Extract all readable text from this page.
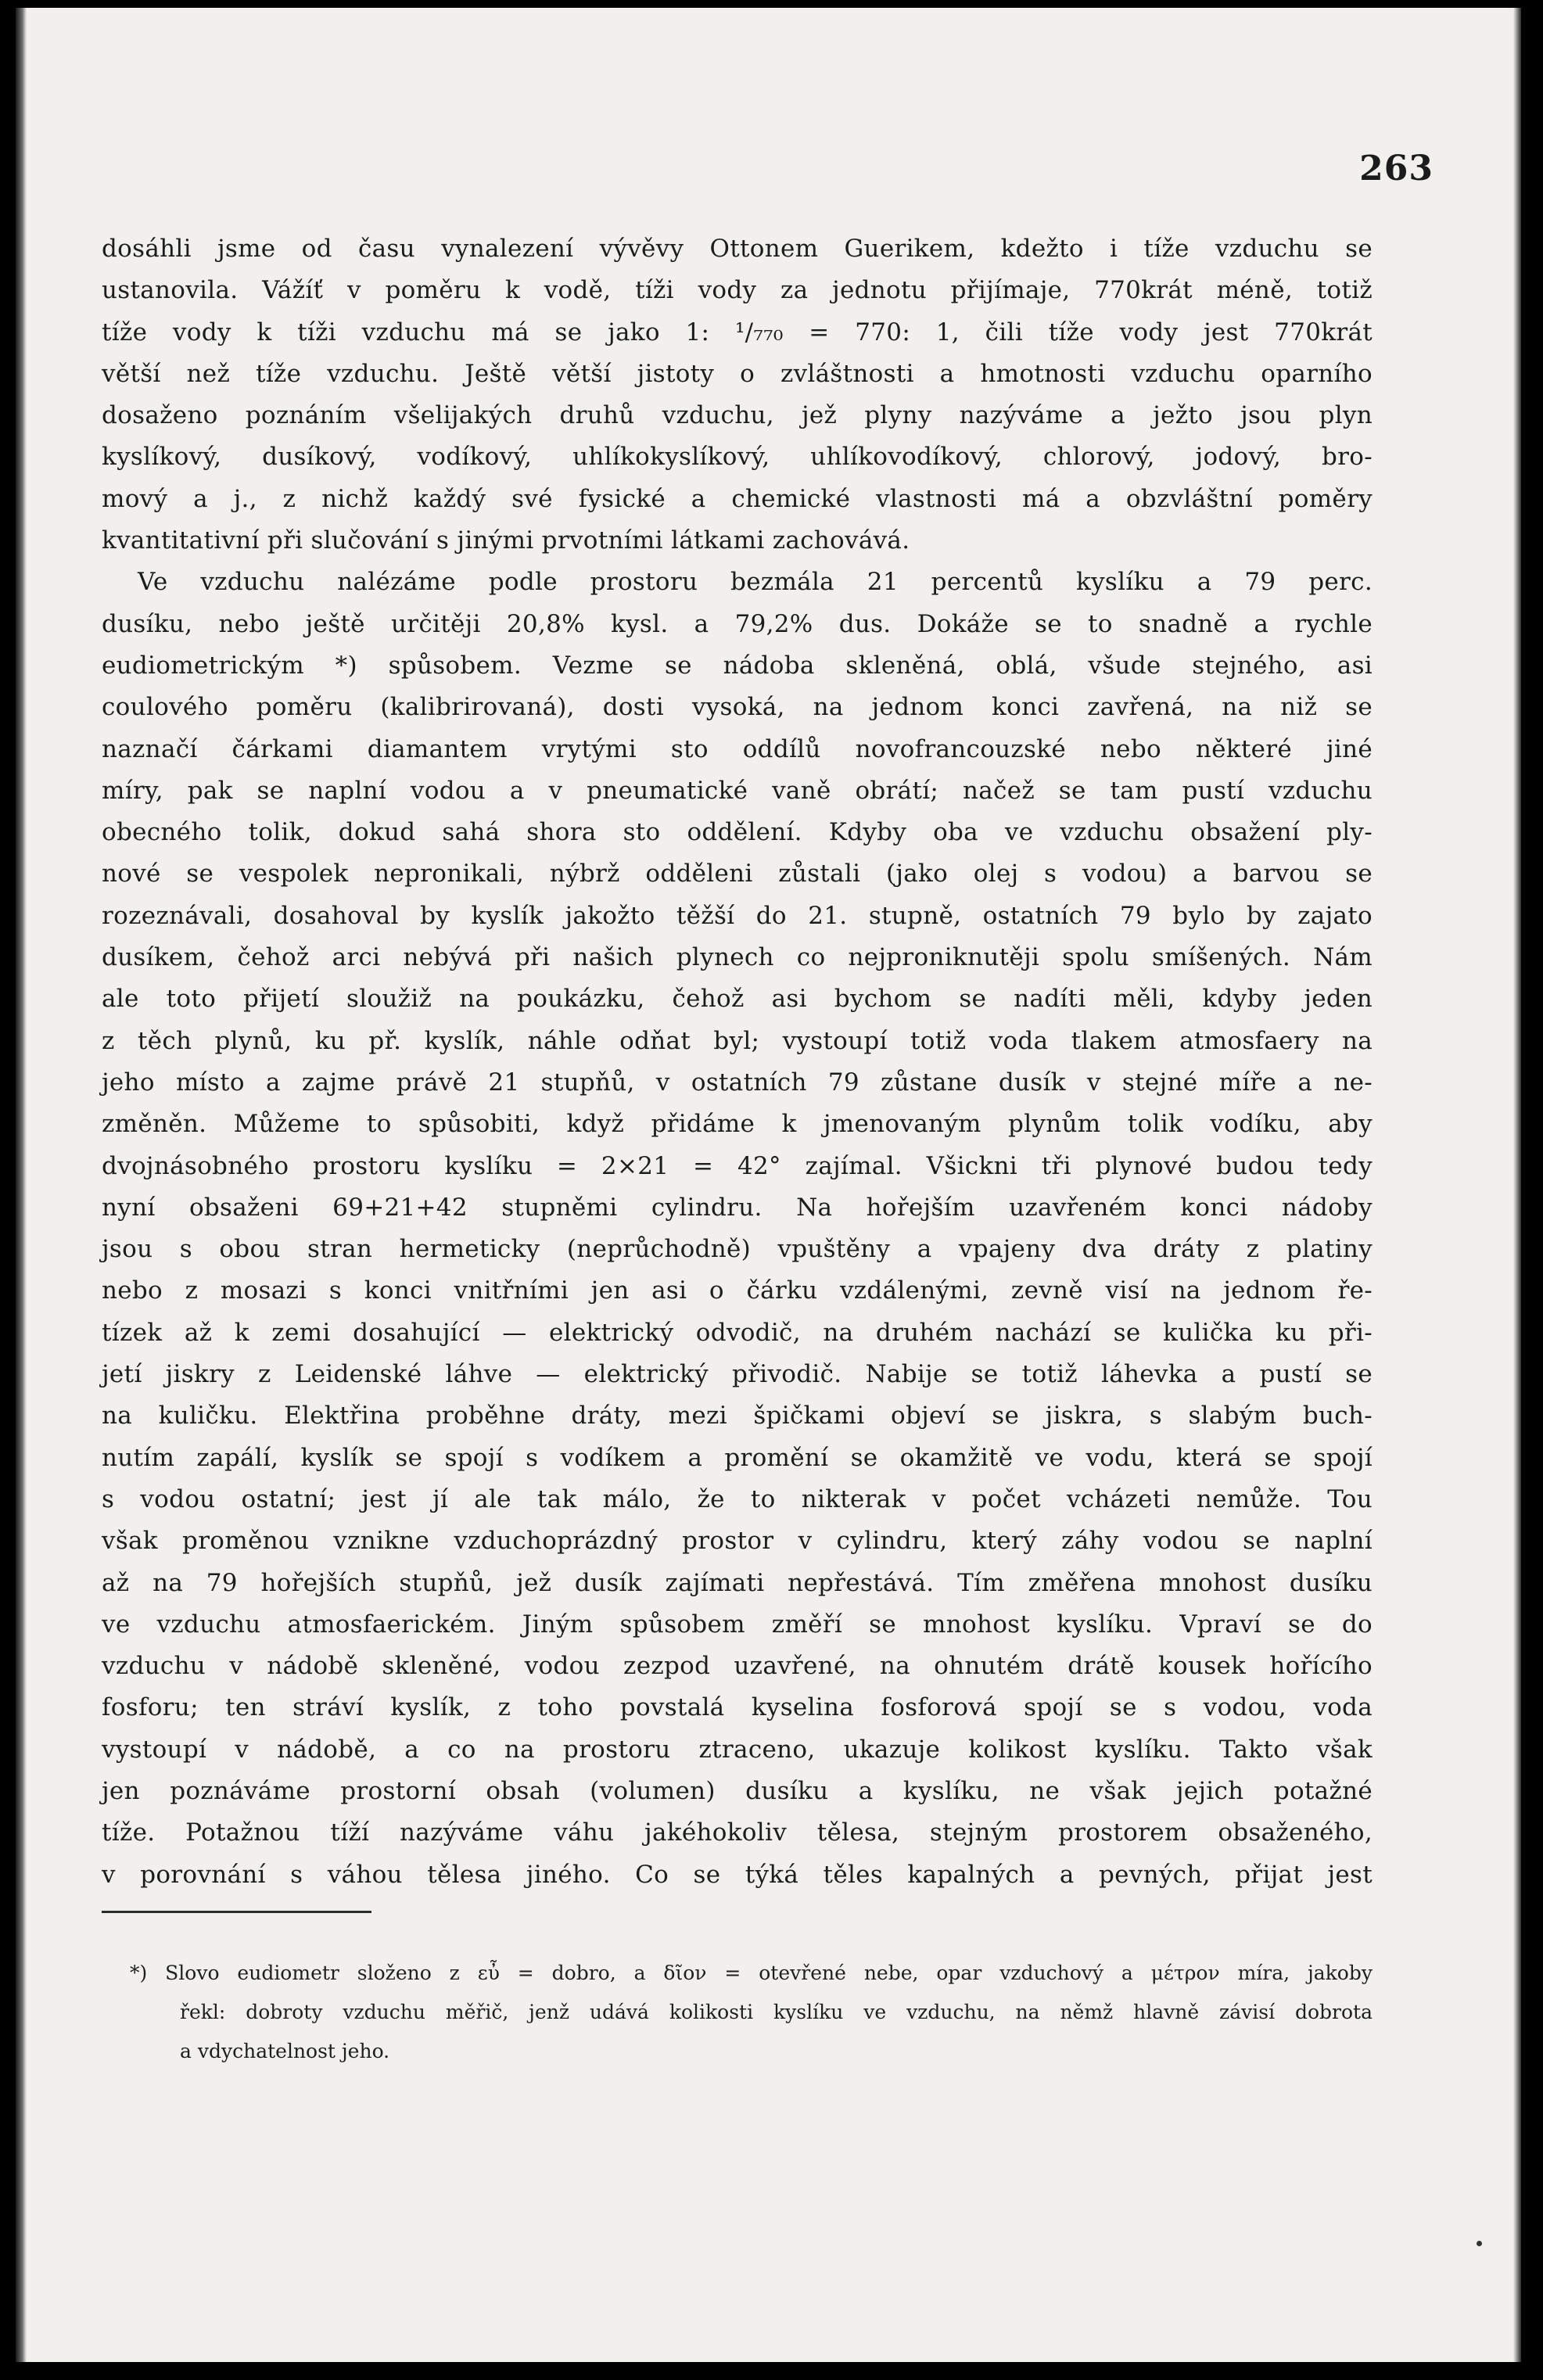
263
dosáhli jsme od času vynalezení vývěvy Ottonem Guerikem, kdežto i tíže vzduchu se
ustanovila. Vážíť v poměru k vodě, tíži vody za jednotu přijímaje, 770krát méně, totiž
tíže vody k tíži vzduchu má se jako 1: ¹/₇₇₀ = 770: 1, čili tíže vody jest 770krát
větší než tíže vzduchu. Ještě větší jistoty o zvláštnosti a hmotnosti vzduchu oparního
dosaženo poznáním všelijakých druhů vzduchu, jež plyny nazýváme a ježto jsou plyn
kyslíkový, dusíkový, vodíkový, uhlíkokyslíkový, uhlíkovodíkový, chlorový, jodový, bro-
mový a j., z nichž každý své fysické a chemické vlastnosti má a obzvláštní poměry
kvantitativní při slučování s jinými prvotními látkami zachovává.
Ve vzduchu nalézáme podle prostoru bezmála 21 percentů kyslíku a 79 perc.
dusíku, nebo ještě určitěji 20,8% kysl. a 79,2% dus. Dokáže se to snadně a rychle
eudiometrickým *) spůsobem. Vezme se nádoba skleněná, oblá, všude stejného, asi
coulového poměru (kalibrirovaná), dosti vysoká, na jednom konci zavřená, na niž se
naznačí čárkami diamantem vrytými sto oddílů novofrancouzské nebo některé jiné
míry, pak se naplní vodou a v pneumatické vaně obrátí; načež se tam pustí vzduchu
obecného tolik, dokud sahá shora sto oddělení. Kdyby oba ve vzduchu obsažení ply-
nové se vespolek nepronikali, nýbrž odděleni zůstali (jako olej s vodou) a barvou se
rozeznávali, dosahoval by kyslík jakožto těžší do 21. stupně, ostatních 79 bylo by zajato
dusíkem, čehož arci nebývá při našich plynech co nejproniknutěji spolu smíšených. Nám
ale toto přijetí sloužiž na poukázku, čehož asi bychom se nadíti měli, kdyby jeden
z těch plynů, ku př. kyslík, náhle odňat byl; vystoupí totiž voda tlakem atmosfaery na
jeho místo a zajme právě 21 stupňů, v ostatních 79 zůstane dusík v stejné míře a ne-
změněn. Můžeme to spůsobiti, když přidáme k jmenovaným plynům tolik vodíku, aby
dvojnásobného prostoru kyslíku = 2×21 = 42° zajímal. Všickni tři plynové budou tedy
nyní obsaženi 69+21+42 stupněmi cylindru. Na hořejším uzavřeném konci nádoby
jsou s obou stran hermeticky (neprůchodně) vpuštěny a vpajeny dva dráty z platiny
nebo z mosazi s konci vnitřními jen asi o čárku vzdálenými, zevně visí na jednom ře-
tízek až k zemi dosahující — elektrický odvodič, na druhém nachází se kulička ku při-
jetí jiskry z Leidenské láhve — elektrický přivodič. Nabije se totiž láhevka a pustí se
na kuličku. Elektřina proběhne dráty, mezi špičkami objeví se jiskra, s slabým buch-
nutím zapálí, kyslík se spojí s vodíkem a promění se okamžitě ve vodu, která se spojí
s vodou ostatní; jest jí ale tak málo, že to nikterak v počet vcházeti nemůže. Tou
však proměnou vznikne vzduchoprázdný prostor v cylindru, který záhy vodou se naplní
až na 79 hořejších stupňů, jež dusík zajímati nepřestává. Tím změřena mnohost dusíku
ve vzduchu atmosfaerickém. Jiným spůsobem změří se mnohost kyslíku. Vpraví se do
vzduchu v nádobě skleněné, vodou zezpod uzavřené, na ohnutém drátě kousek hořícího
fosforu; ten stráví kyslík, z toho povstalá kyselina fosforová spojí se s vodou, voda
vystoupí v nádobě, a co na prostoru ztraceno, ukazuje kolikost kyslíku. Takto však
jen poznáváme prostorní obsah (volumen) dusíku a kyslíku, ne však jejich potažné
tíže. Potažnou tíží nazýváme váhu jakéhokoliv tělesa, stejným prostorem obsaženého,
v porovnání s váhou tělesa jiného. Co se týká těles kapalných a pevných, přijat jest
*) Slovo eudiometr složeno z εὖ = dobro, a δῖον = otevřené nebe, opar vzduchový a μέτρον míra, jakoby
řekl: dobroty vzduchu měřič, jenž udává kolikosti kyslíku ve vzduchu, na němž hlavně závisí dobrota
a vdychatelnost jeho.
